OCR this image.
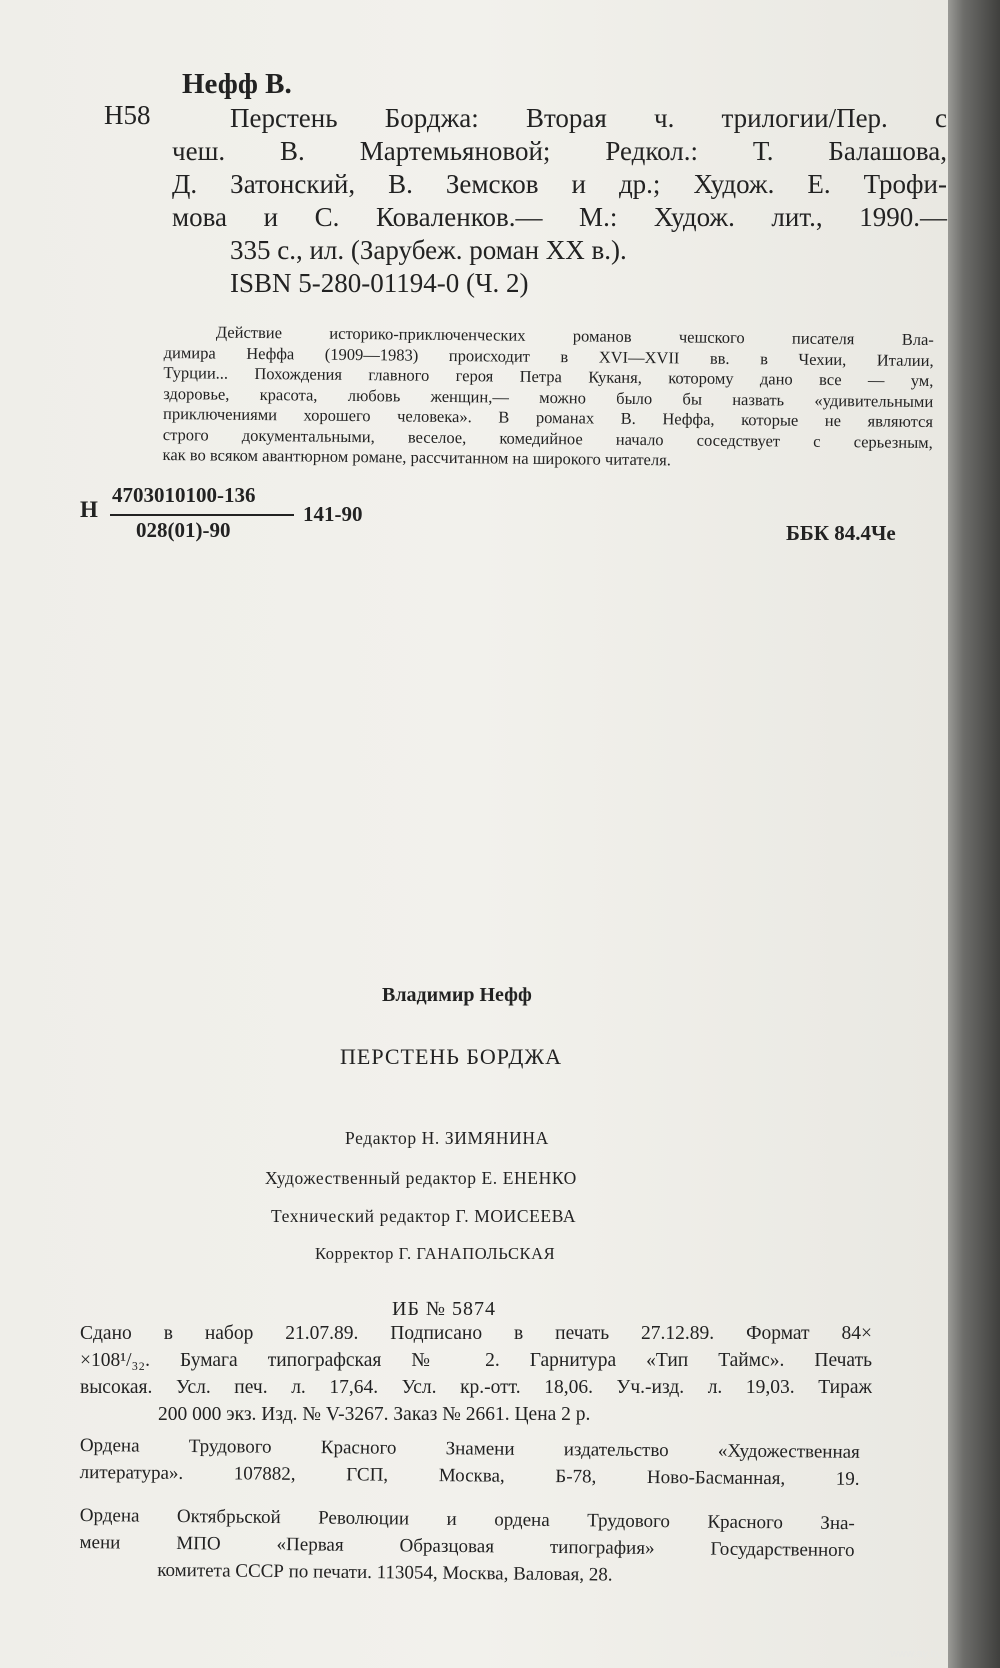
Нефф В.
Н58	Перстень Борджа: Вторая ч. трилогии/Пер. с
чеш. В. Мартемьяновой; Редкол.: Т. Балашова,
Д. Затонский, В. Земсков и др.; Худож. Е. Трофи-
мова и С. Коваленков.— М.: Худож. лит., 1990.—
335 с., ил. (Зарубеж. роман XX в.).
ISBN 5-280-01194-0 (Ч. 2)
Действие историко-приключенческих романов чешского писателя Вла-
димира Неффа (1909—1983) происходит в XVI—XVII вв. в Чехии, Италии,
Турции... Похождения главного героя Петра Куканя, которому дано все — ум,
здоровье, красота, любовь женщин,— можно было бы назвать «удивительными
приключениями хорошего человека». В романах В. Неффа, которые не являются
строго документальными, веселое, комедийное начало соседствует с серьезным,
как во всяком авантюрном романе, рассчитанном на широкого читателя.
Н
4703010100-136
028(01)-90
141-90
ББК 84.4Че
Владимир Нефф
ПЕРСТЕНЬ БОРДЖА
Редактор Н. ЗИМЯНИНА
Художественный редактор Е. ЕНЕНКО
Технический редактор Г. МОИСЕЕВА
Корректор Г. ГАНАПОЛЬСКАЯ
ИБ № 5874
Сдано в набор 21.07.89. Подписано в печать 27.12.89. Формат 84×
×108¹/₃₂. Бумага типографская № 2. Гарнитура «Тип Таймс». Печать
высокая. Усл. печ. л. 17,64. Усл. кр.-отт. 18,06. Уч.-изд. л. 19,03. Тираж
200 000 экз. Изд. № V-3267. Заказ № 2661. Цена 2 р.
Ордена Трудового Красного Знамени издательство «Художественная
литература». 107882, ГСП, Москва, Б-78, Ново-Басманная, 19.
Ордена Октябрьской Революции и ордена Трудового Красного Зна-
мени МПО «Первая Образцовая типография» Государственного
комитета СССР по печати. 113054, Москва, Валовая, 28.
www.ay.by
